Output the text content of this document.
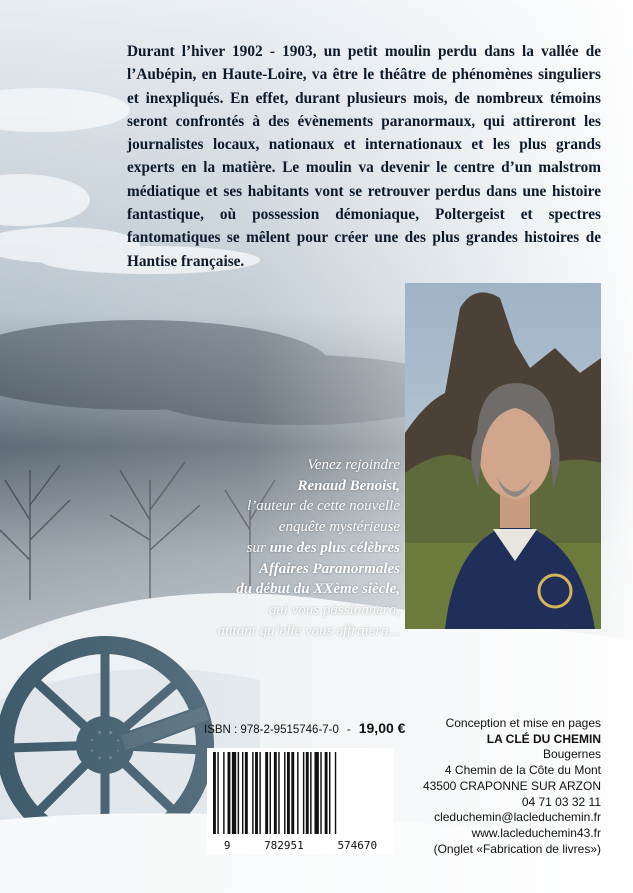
Durant l’hiver 1902 - 1903, un petit moulin perdu dans la vallée de l’Aubépin, en Haute-Loire, va être le théâtre de phénomènes singuliers et inexpliqués. En effet, durant plusieurs mois, de nombreux témoins seront confrontés à des évènements paranormaux, qui attireront les journalistes locaux, nationaux et internationaux et les plus grands experts en la matière. Le moulin va devenir le centre d’un malstrom médiatique et ses habitants vont se retrouver perdus dans une histoire fantastique, où possession démoniaque, Poltergeist et spectres fantomatiques se mêlent pour créer une des plus grandes histoires de Hantise française.

Venez rejoindre
Renaud Benoist,
l’auteur de cette nouvelle
enquête mystérieuse
sur une des plus célèbres
Affaires Paranormales
du début du XXème siècle,
qui vous passionnera,
autant qu’elle vous effraiera...
ISBN : 978-2-9515746-7-0 - 19,00 €
9	782951	574670
Conception et mise en pages
LA CLÉ DU CHEMIN
Bougernes
4 Chemin de la Côte du Mont
43500 CRAPONNE SUR ARZON
04 71 03 32 11
cleduchemin@lacleduchemin.fr
www.lacleduchemin43.fr
(Onglet «Fabrication de livres»)
